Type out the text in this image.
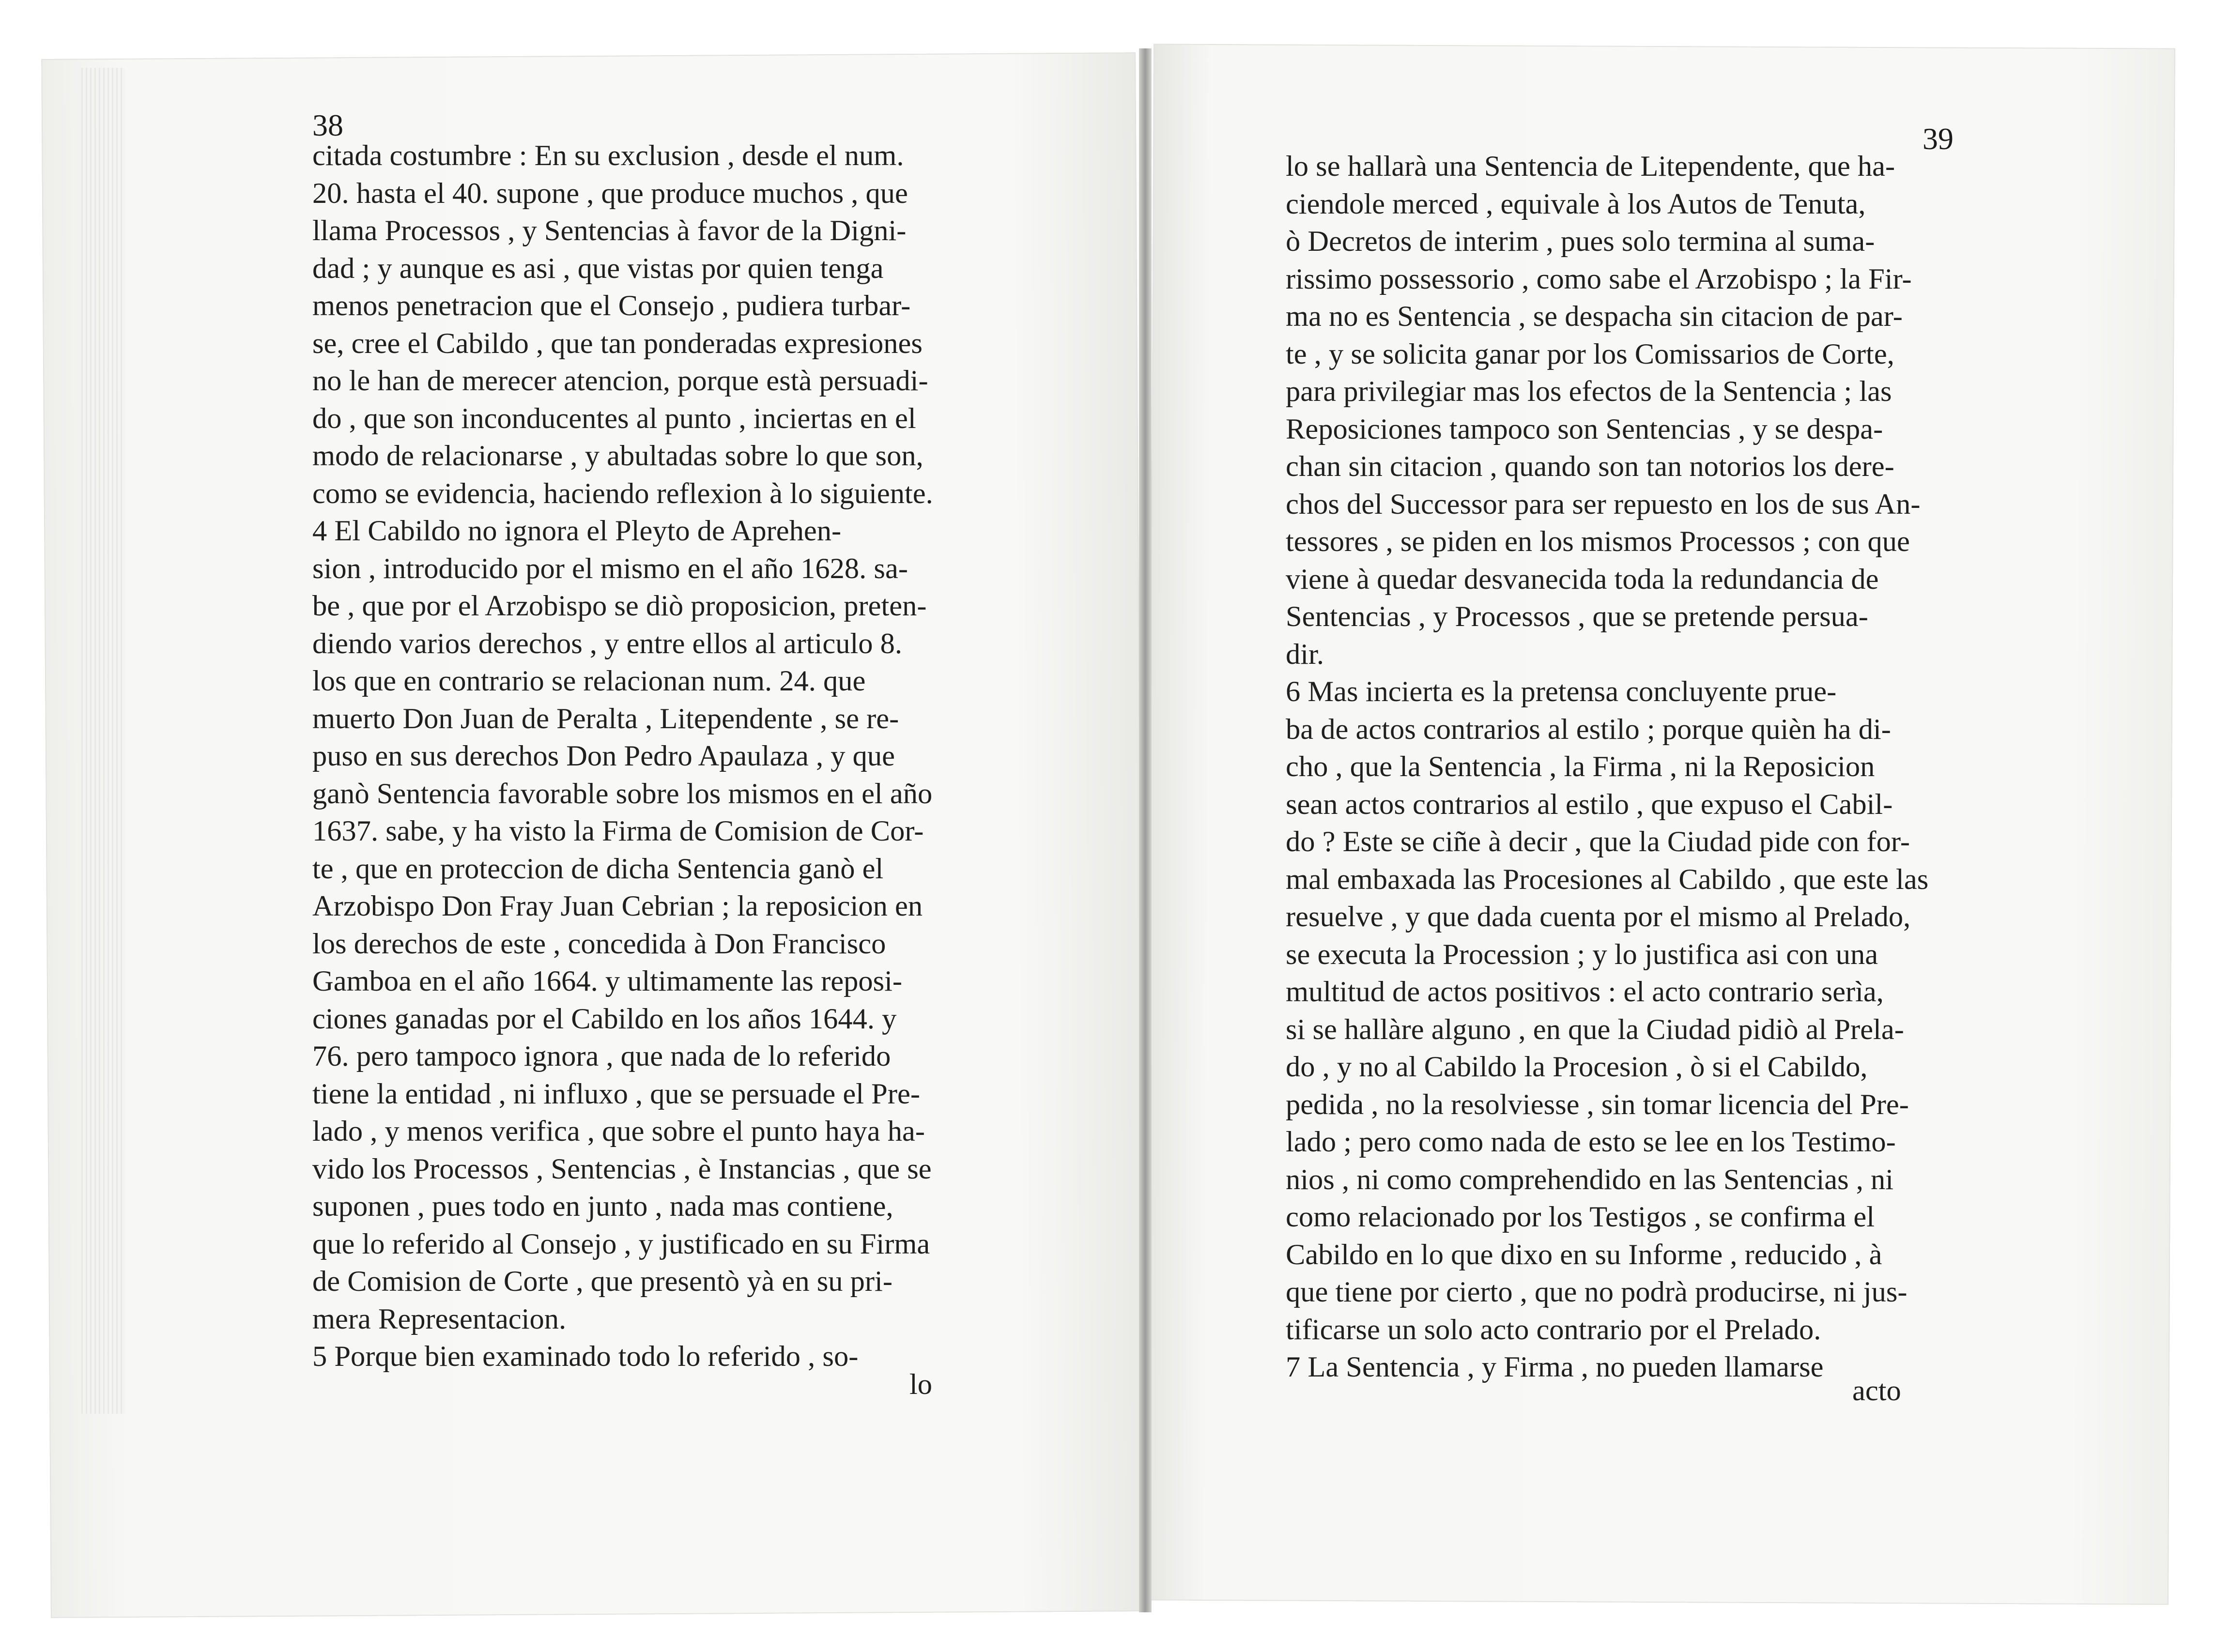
38	39
citada costumbre : En su exclusion , desde el num.
20. hasta el 40. supone , que produce muchos , que
llama Processos , y Sentencias à favor de la Digni-
dad ; y aunque es asi , que vistas por quien tenga
menos penetracion que el Consejo , pudiera turbar-
se, cree el Cabildo , que tan ponderadas expresiones
no le han de merecer atencion, porque està persuadi-
do , que son inconducentes al punto , inciertas en el
modo de relacionarse , y abultadas sobre lo que son,
como se evidencia, haciendo reflexion à lo siguiente.
4 El Cabildo no ignora el Pleyto de Aprehen-
sion , introducido por el mismo en el año 1628. sa-
be , que por el Arzobispo se diò proposicion, preten-
diendo varios derechos , y entre ellos al articulo 8.
los que en contrario se relacionan num. 24. que
muerto Don Juan de Peralta , Litependente , se re-
puso en sus derechos Don Pedro Apaulaza , y que
ganò Sentencia favorable sobre los mismos en el año
1637. sabe, y ha visto la Firma de Comision de Cor-
te , que en proteccion de dicha Sentencia ganò el
Arzobispo Don Fray Juan Cebrian ; la reposicion en
los derechos de este , concedida à Don Francisco
Gamboa en el año 1664. y ultimamente las reposi-
ciones ganadas por el Cabildo en los años 1644. y
76. pero tampoco ignora , que nada de lo referido
tiene la entidad , ni influxo , que se persuade el Pre-
lado , y menos verifica , que sobre el punto haya ha-
vido los Processos , Sentencias , è Instancias , que se
suponen , pues todo en junto , nada mas contiene,
que lo referido al Consejo , y justificado en su Firma
de Comision de Corte , que presentò yà en su pri-
mera Representacion.
5 Porque bien examinado todo lo referido , so-
lo se hallarà una Sentencia de Litependente, que ha-
ciendole merced , equivale à los Autos de Tenuta,
ò Decretos de interim , pues solo termina al suma-
rissimo possessorio , como sabe el Arzobispo ; la Fir-
ma no es Sentencia , se despacha sin citacion de par-
te , y se solicita ganar por los Comissarios de Corte,
para privilegiar mas los efectos de la Sentencia ; las
Reposiciones tampoco son Sentencias , y se despa-
chan sin citacion , quando son tan notorios los dere-
chos del Successor para ser repuesto en los de sus An-
tessores , se piden en los mismos Processos ; con que
viene à quedar desvanecida toda la redundancia de
Sentencias , y Processos , que se pretende persua-
dir.
6 Mas incierta es la pretensa concluyente prue-
ba de actos contrarios al estilo ; porque quièn ha di-
cho , que la Sentencia , la Firma , ni la Reposicion
sean actos contrarios al estilo , que expuso el Cabil-
do ? Este se ciñe à decir , que la Ciudad pide con for-
mal embaxada las Procesiones al Cabildo , que este las
resuelve , y que dada cuenta por el mismo al Prelado,
se executa la Procession ; y lo justifica asi con una
multitud de actos positivos : el acto contrario serìa,
si se hallàre alguno , en que la Ciudad pidiò al Prela-
do , y no al Cabildo la Procesion , ò si el Cabildo,
pedida , no la resolviesse , sin tomar licencia del Pre-
lado ; pero como nada de esto se lee en los Testimo-
nios , ni como comprehendido en las Sentencias , ni
como relacionado por los Testigos , se confirma el
Cabildo en lo que dixo en su Informe , reducido , à
que tiene por cierto , que no podrà producirse, ni jus-
tificarse un solo acto contrario por el Prelado.
7 La Sentencia , y Firma , no pueden llamarse
lo	acto
